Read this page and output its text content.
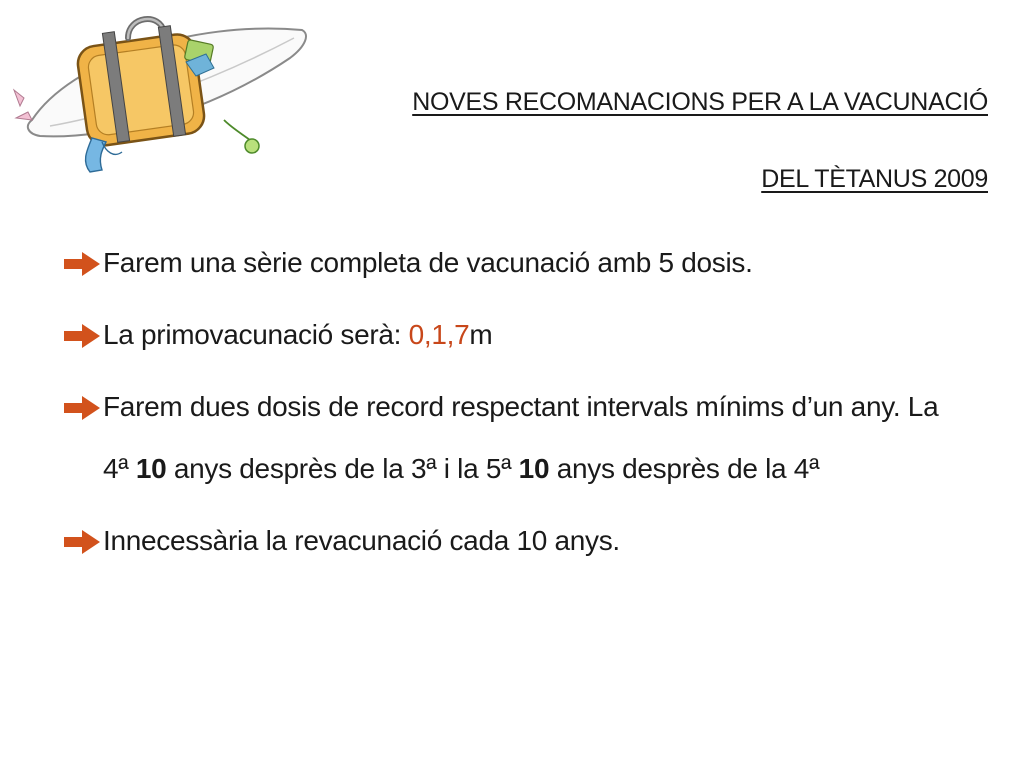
NOVES RECOMANACIONS PER A LA VACUNACIÓ
DEL TÈTANUS 2009
Farem una sèrie completa de vacunació amb 5 dosis.
La primovacunació serà: 0,1,7m
Farem dues dosis de record respectant intervals mínims d’un any. La 4ª 10 anys desprès de la 3ª i la 5ª 10 anys desprès de la 4ª
Innecessària la revacunació cada 10 anys.
